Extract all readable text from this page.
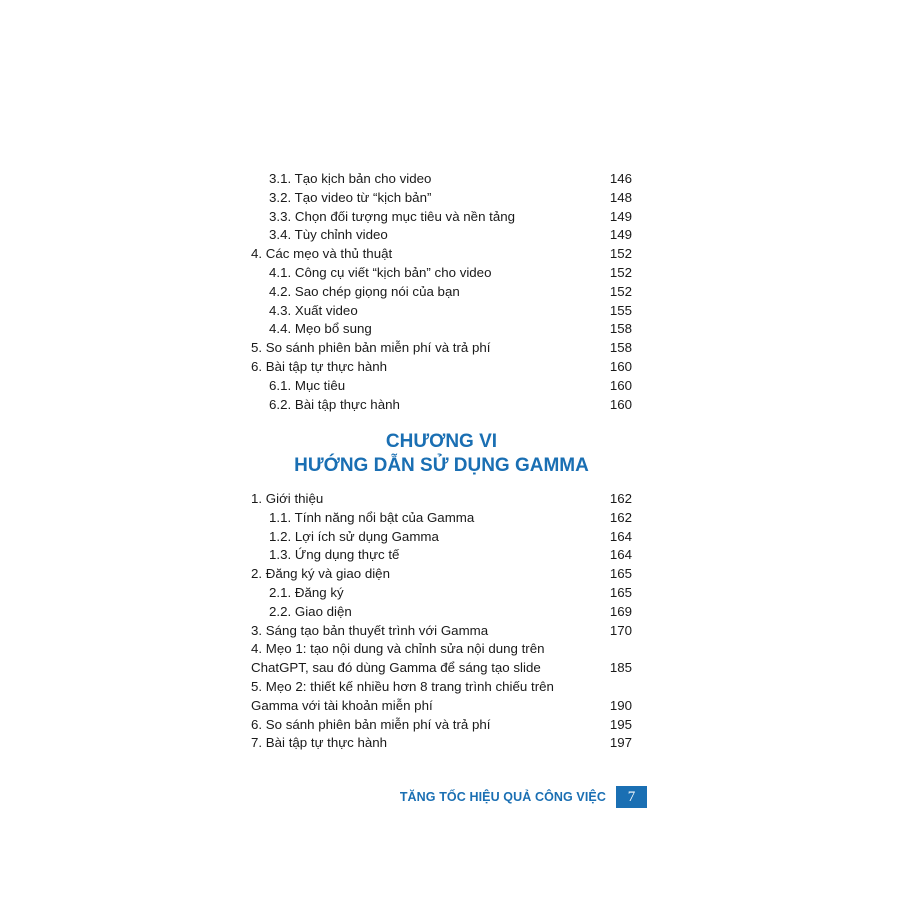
3.1. Tạo kịch bản cho video	146
3.2. Tạo video từ “kịch bản”	148
3.3. Chọn đối tượng mục tiêu và nền tảng	149
3.4. Tùy chỉnh video	149
4. Các mẹo và thủ thuật	152
4.1. Công cụ viết “kịch bản” cho video	152
4.2. Sao chép giọng nói của bạn	152
4.3. Xuất video	155
4.4. Mẹo bổ sung	158
5. So sánh phiên bản miễn phí và trả phí	158
6. Bài tập tự thực hành	160
6.1. Mục tiêu	160
6.2. Bài tập thực hành	160
CHƯƠNG VI
HƯỚNG DẪN SỬ DỤNG GAMMA
1. Giới thiệu	162
1.1. Tính năng nổi bật của Gamma	162
1.2. Lợi ích sử dụng Gamma	164
1.3. Ứng dụng thực tế	164
2. Đăng ký và giao diện	165
2.1. Đăng ký	165
2.2. Giao diện	169
3. Sáng tạo bản thuyết trình với Gamma	170
4. Mẹo 1: tạo nội dung và chỉnh sửa nội dung trên
ChatGPT, sau đó dùng Gamma để sáng tạo slide	185
5. Mẹo 2: thiết kế nhiều hơn 8 trang trình chiếu trên
Gamma với tài khoản miễn phí	190
6. So sánh phiên bản miễn phí và trả phí	195
7. Bài tập tự thực hành	197
TĂNG TỐC HIỆU QUẢ CÔNG VIỆC	7
